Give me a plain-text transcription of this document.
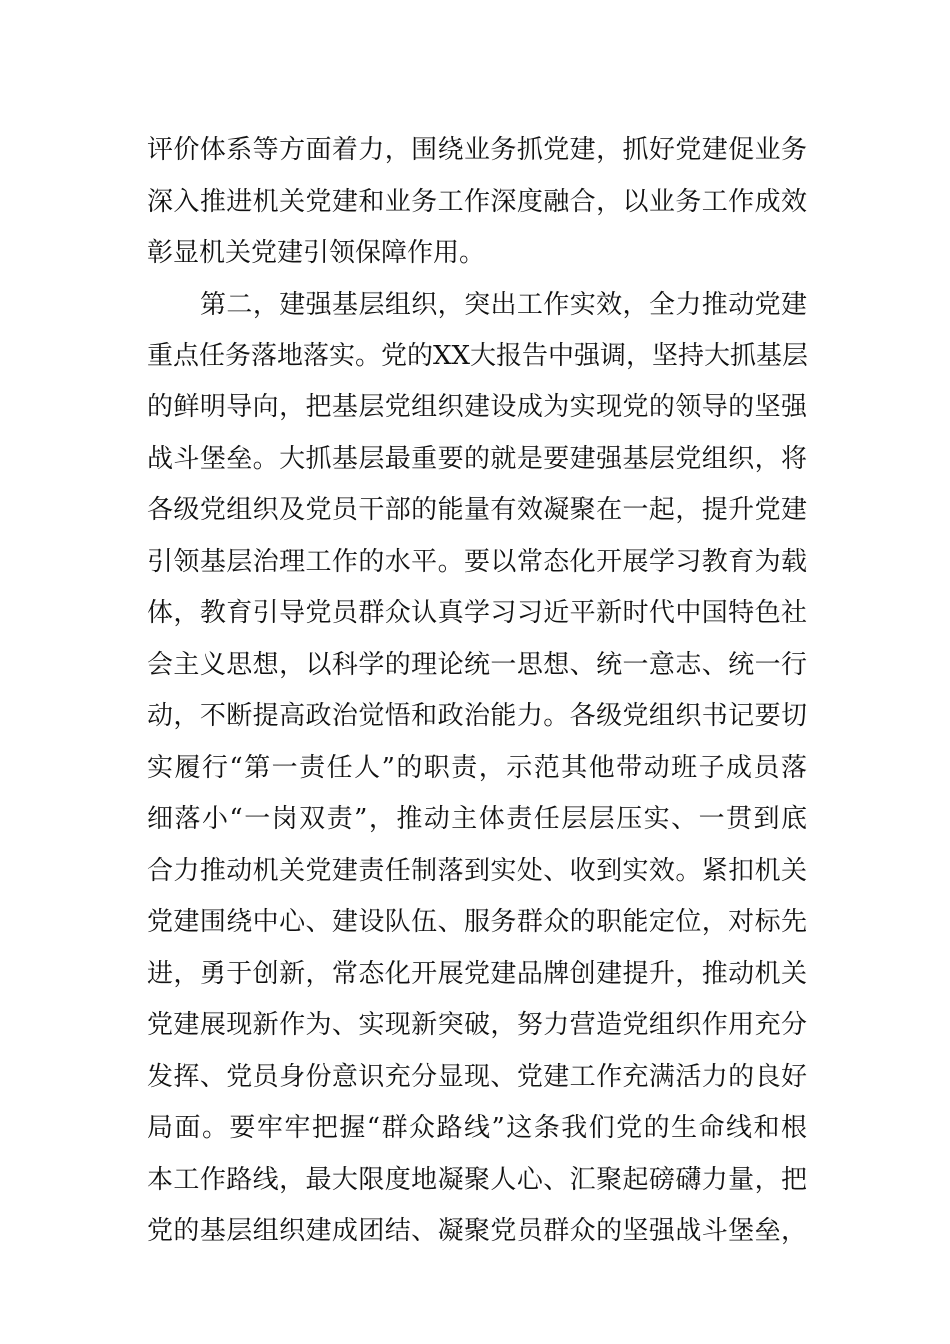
评价体系等方面着力，围绕业务抓党建，抓好党建促业务
深入推进机关党建和业务工作深度融合，以业务工作成效
彰显机关党建引领保障作用。
第二，建强基层组织，突出工作实效，全力推动党建
重点任务落地落实。党的XX大报告中强调，坚持大抓基层
的鲜明导向，把基层党组织建设成为实现党的领导的坚强
战斗堡垒。大抓基层最重要的就是要建强基层党组织，将
各级党组织及党员干部的能量有效凝聚在一起，提升党建
引领基层治理工作的水平。要以常态化开展学习教育为载
体，教育引导党员群众认真学习习近平新时代中国特色社
会主义思想，以科学的理论统一思想、统一意志、统一行
动，不断提高政治觉悟和政治能力。各级党组织书记要切
实履行“第一责任人”的职责，示范其他带动班子成员落
细落小“一岗双责”，推动主体责任层层压实、一贯到底
合力推动机关党建责任制落到实处、收到实效。紧扣机关
党建围绕中心、建设队伍、服务群众的职能定位，对标先
进，勇于创新，常态化开展党建品牌创建提升，推动机关
党建展现新作为、实现新突破，努力营造党组织作用充分
发挥、党员身份意识充分显现、党建工作充满活力的良好
局面。要牢牢把握“群众路线”这条我们党的生命线和根
本工作路线，最大限度地凝聚人心、汇聚起磅礴力量，把
党的基层组织建成团结、凝聚党员群众的坚强战斗堡垒，
